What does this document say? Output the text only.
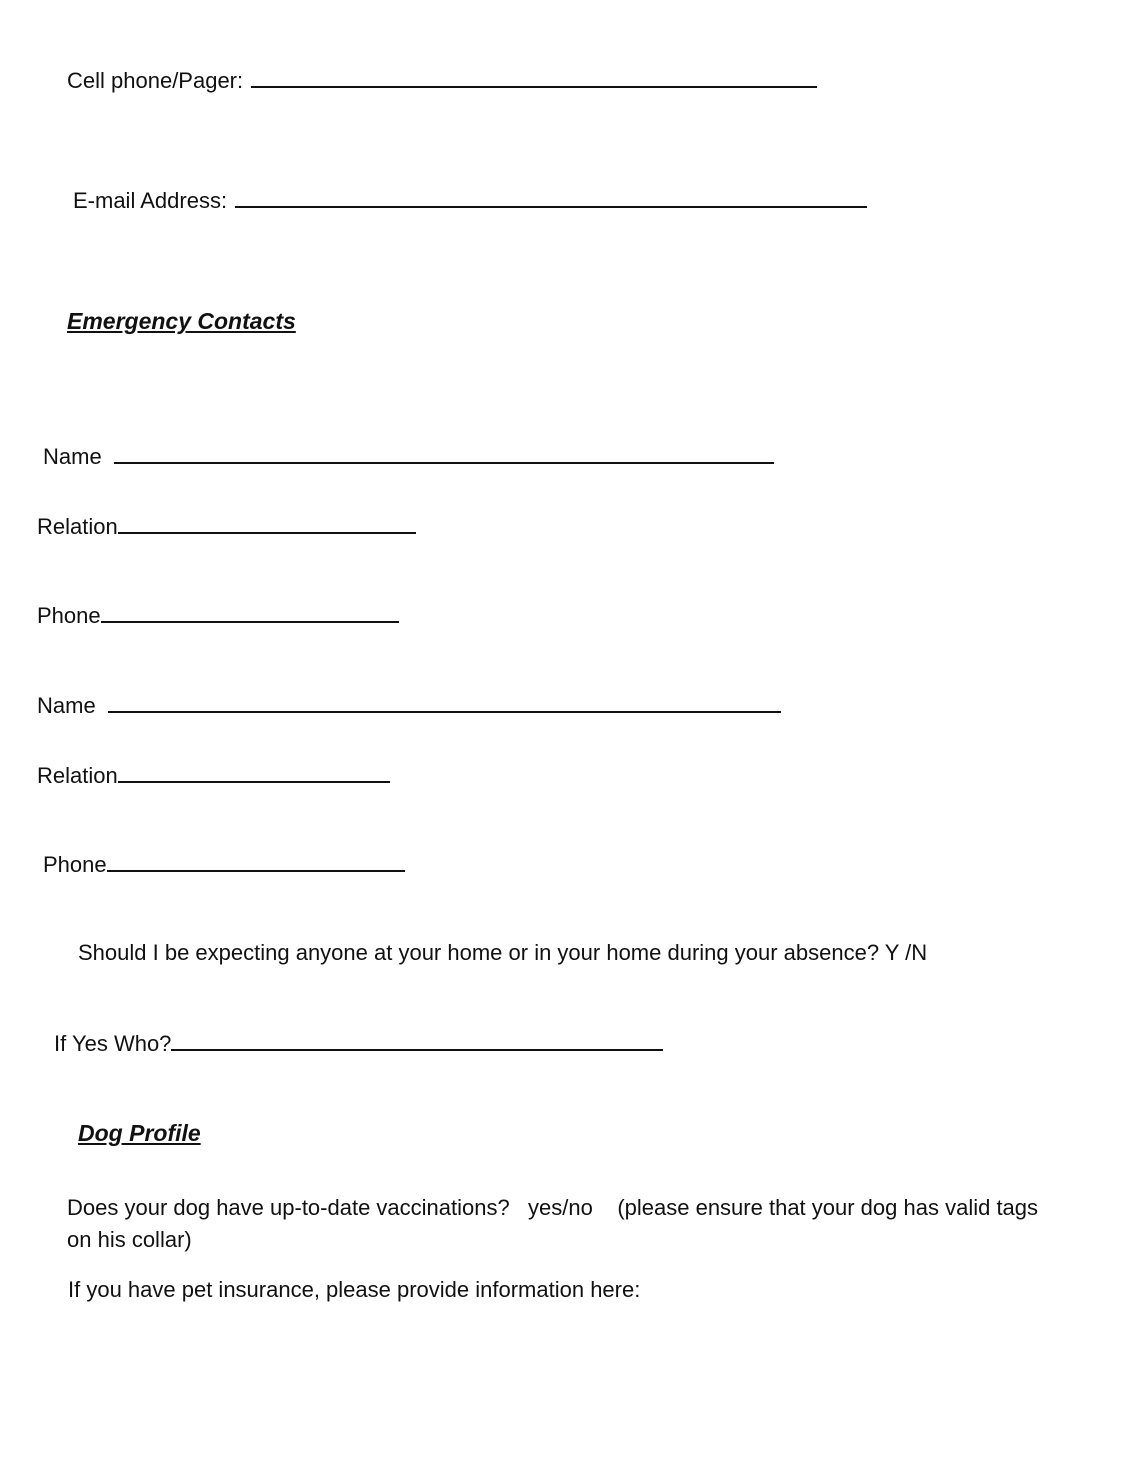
Cell phone/Pager:
E-mail Address:
Emergency Contacts
Name
Relation
Phone
Name
Relation
Phone
Should I be expecting anyone at your home or in your home during your absence? Y /N
If Yes Who?
Dog Profile
Does your dog have up-to-date vaccinations?   yes/no    (please ensure that your dog has valid tags on his collar)
If you have pet insurance, please provide information here:
